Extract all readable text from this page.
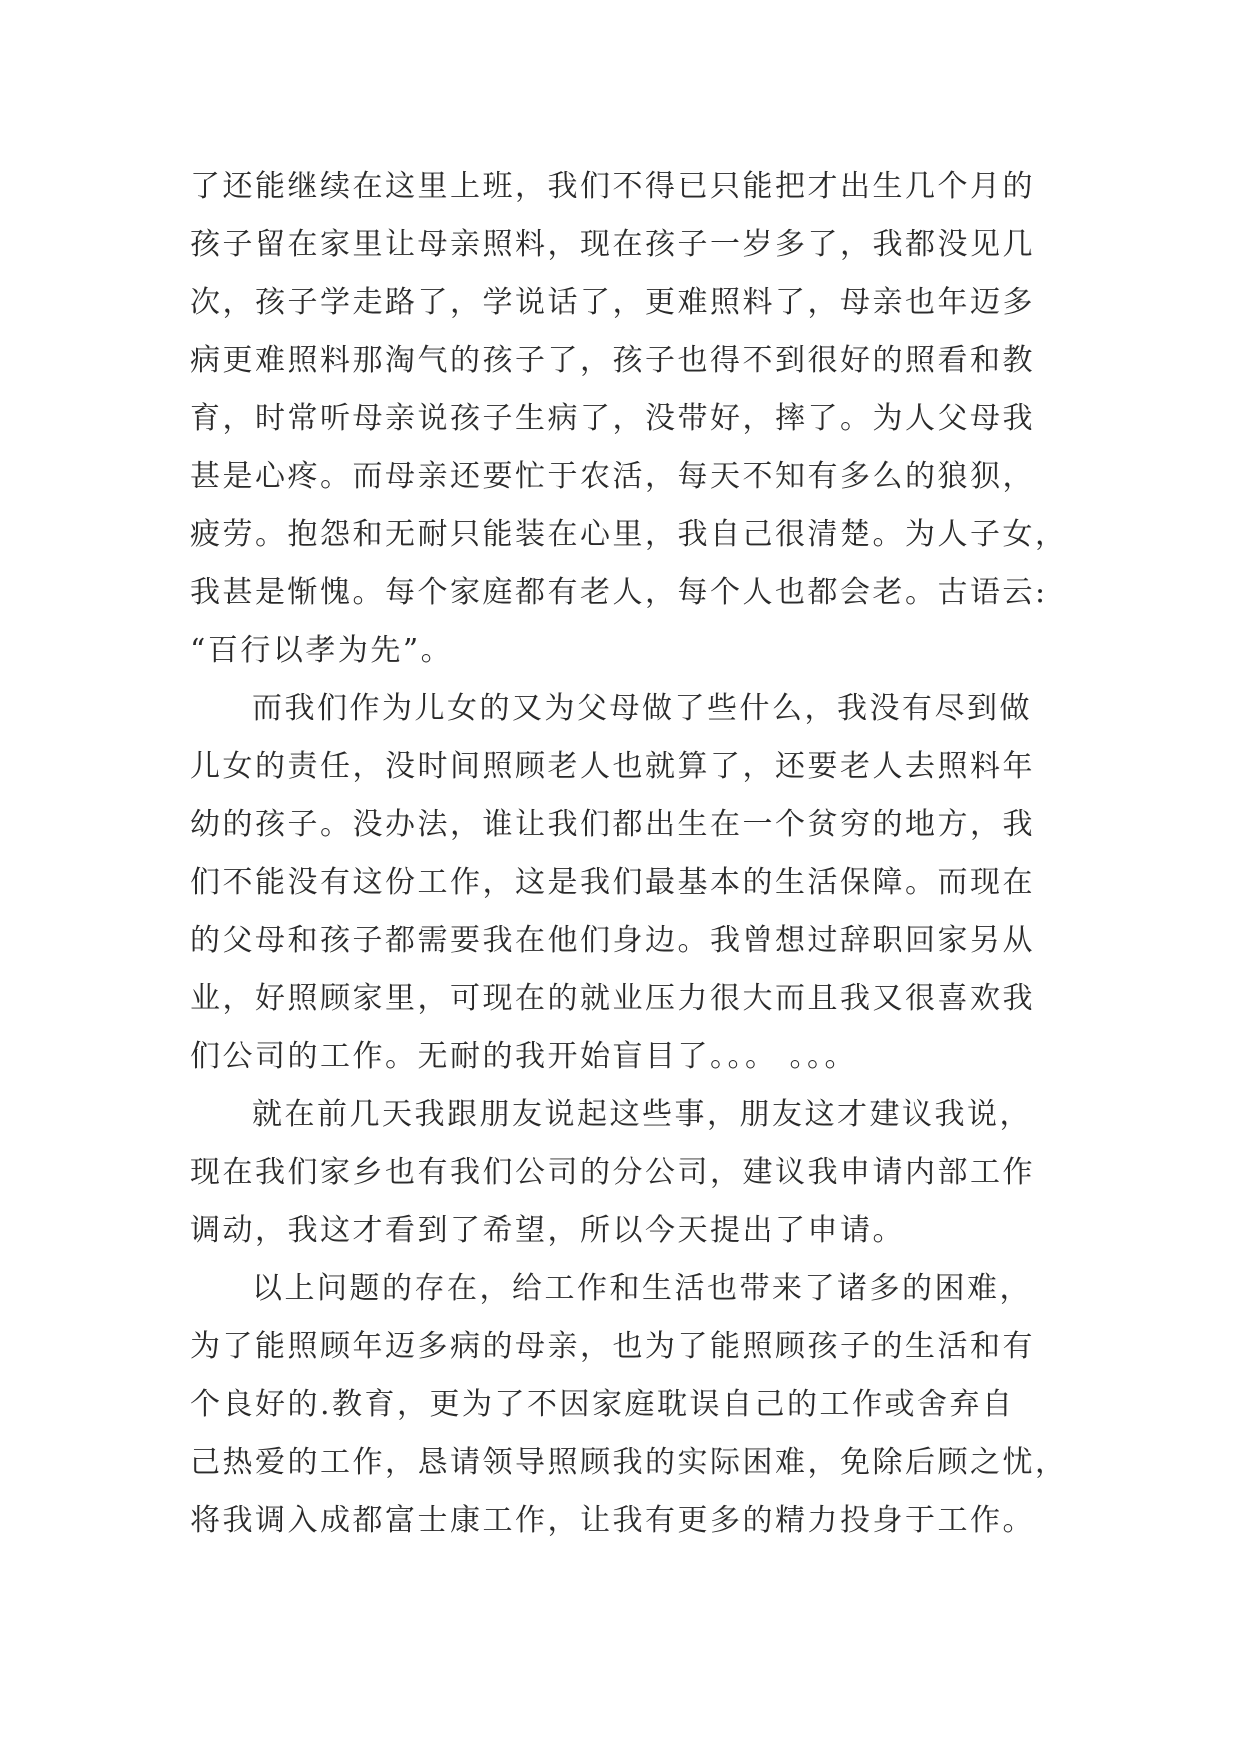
了还能继续在这里上班，我们不得已只能把才出生几个月的
孩子留在家里让母亲照料，现在孩子一岁多了，我都没见几
次，孩子学走路了，学说话了，更难照料了，母亲也年迈多
病更难照料那淘气的孩子了，孩子也得不到很好的照看和教
育，时常听母亲说孩子生病了，没带好，摔了。为人父母我
甚是心疼。而母亲还要忙于农活，每天不知有多么的狼狈，
疲劳。抱怨和无耐只能装在心里，我自己很清楚。为人子女，
我甚是惭愧。每个家庭都有老人，每个人也都会老。古语云:
“百行以孝为先”。
而我们作为儿女的又为父母做了些什么，我没有尽到做
儿女的责任，没时间照顾老人也就算了，还要老人去照料年
幼的孩子。没办法，谁让我们都出生在一个贫穷的地方，我
们不能没有这份工作，这是我们最基本的生活保障。而现在
的父母和孩子都需要我在他们身边。我曾想过辞职回家另从
业，好照顾家里，可现在的就业压力很大而且我又很喜欢我
们公司的工作。无耐的我开始盲目了。。。 。。。
就在前几天我跟朋友说起这些事，朋友这才建议我说，
现在我们家乡也有我们公司的分公司，建议我申请内部工作
调动，我这才看到了希望，所以今天提出了申请。
以上问题的存在，给工作和生活也带来了诸多的困难，
为了能照顾年迈多病的母亲，也为了能照顾孩子的生活和有
个良好的.教育，更为了不因家庭耽误自己的工作或舍弃自
己热爱的工作，恳请领导照顾我的实际困难，免除后顾之忧，
将我调入成都富士康工作，让我有更多的精力投身于工作。
